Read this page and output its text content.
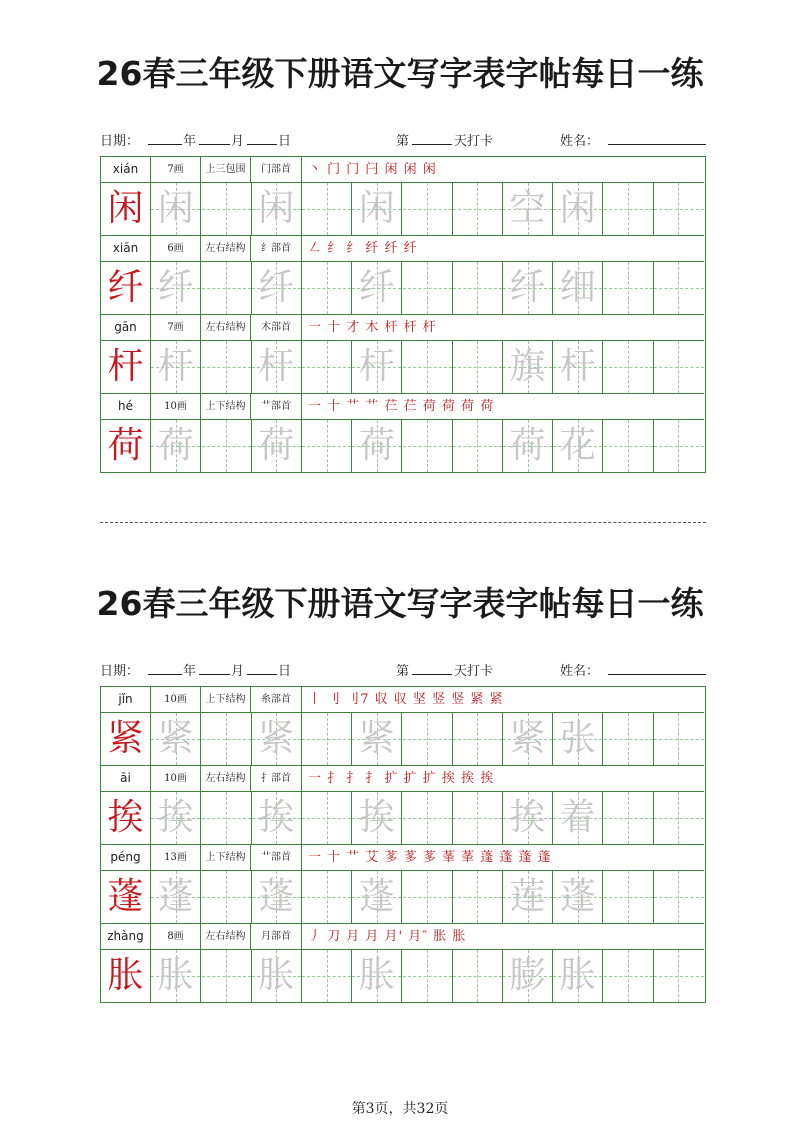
26春三年级下册语文写字表字帖每日一练
日期：	年	月	日	第	天打卡	姓名：
xián	7画	上三包围	门部首	丶 门 门 闩 闲 闲 闲
闲 闲 闲 闲	空 闲
xiān	6画	左右结构	纟部首	㇜ 纟 纟 纤 纤 纤
纤 纤 纤 纤	纤 细
gān	7画	左右结构	木部首	一 十 才 木 杆 杆 杆
杆 杆 杆 杆	旗 杆
hé	10画	上下结构	艹部首	一 十 艹 艹 芢 芢 荷 荷 荷 荷
荷 荷 荷 荷	荷 花
26春三年级下册语文写字表字帖每日一练
日期：	年	月	日	第	天打卡	姓名：
jǐn	10画	上下结构	糸部首	丨 刂 刂7 収 収 坚 竖 竖 紧 紧
紧 紧 紧 紧	紧 张
āi	10画	左右结构	扌部首	一 扌 扌 扌 扩 扩 扩 挨 挨 挨
挨 挨 挨 挨	挨 着
péng	13画	上下结构	艹部首	一 十 艹 艾 茤 茤 茤 莑 莑 蓬 蓬 蓬 蓬
蓬 蓬 蓬 蓬	莲 蓬
zhàng	8画	左右结构	月部首	丿 刀 月 月 月' 月″ 胀 胀
胀 胀 胀 胀	膨 胀
第3页，共32页
